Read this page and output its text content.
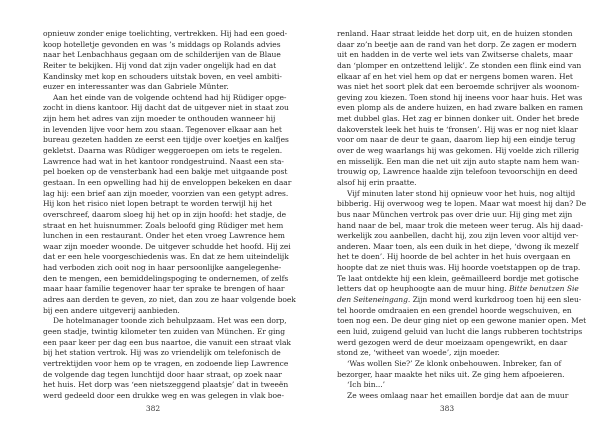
opnieuw zonder enige toelichting, vertrekken. Hij had een goed-
koop hotelletje gevonden en was ’s middags op Rolands advies
naar het Lenbachhaus gegaan om de schilderijen van de Blaue
Reiter te bekijken. Hij vond dat zijn vader ongelijk had en dat
Kandinsky met kop en schouders uitstak boven, en veel ambiti-
euzer en interessanter was dan Gabriele Münter.
Aan het einde van de volgende ochtend had hij Rüdiger opge-
zocht in diens kantoor. Hij dacht dat de uitgever niet in staat zou
zijn hem het adres van zijn moeder te onthouden wanneer hij
in levenden lijve voor hem zou staan. Tegenover elkaar aan het
bureau gezeten hadden ze eerst een tijdje over koetjes en kalfjes
gekletst. Daarna was Rüdiger weggeroepen om iets te regelen.
Lawrence had wat in het kantoor rondgestruind. Naast een sta-
pel boeken op de vensterbank had een bakje met uitgaande post
gestaan. In een opwelling had hij de enveloppen bekeken en daar
lag hij: een brief aan zijn moeder, voorzien van een getypt adres.
Hij kon het risico niet lopen betrapt te worden terwijl hij het
overschreef, daarom sloeg hij het op in zijn hoofd: het stadje, de
straat en het huisnummer. Zoals beloofd ging Rüdiger met hem
lunchen in een restaurant. Onder het eten vroeg Lawrence hem
waar zijn moeder woonde. De uitgever schudde het hoofd. Hij zei
dat er een hele voorgeschiedenis was. En dat ze hem uiteindelijk
had verboden zich ooit nog in haar persoonlijke aangelegenhe-
den te mengen, een bemiddelingspoging te ondernemen, of zelfs
maar haar familie tegenover haar ter sprake te brengen of haar
adres aan derden te geven, zo niet, dan zou ze haar volgende boek
bij een andere uitgeverij aanbieden.
De hotelmanager toonde zich behulpzaam. Het was een dorp,
geen stadje, twintig kilometer ten zuiden van München. Er ging
een paar keer per dag een bus naartoe, die vanuit een straat vlak
bij het station vertrok. Hij was zo vriendelijk om telefonisch de
vertrektijden voor hem op te vragen, en zodoende liep Lawrence
de volgende dag tegen lunchtijd door haar straat, op zoek naar
het huis. Het dorp was ‘een nietszeggend plaatsje’ dat in tweeën
werd gedeeld door een drukke weg en was gelegen in vlak boe-
382
renland. Haar straat leidde het dorp uit, en de huizen stonden
daar zo’n beetje aan de rand van het dorp. Ze zagen er modern
uit en hadden in de verte wel iets van Zwitserse chalets, maar
dan ‘plomper en ontzettend lelijk’. Ze stonden een flink eind van
elkaar af en het viel hem op dat er nergens bomen waren. Het
was niet het soort plek dat een beroemde schrijver als woonom-
geving zou kiezen. Toen stond hij ineens voor haar huis. Het was
even plomp als de andere huizen, en had zware balken en ramen
met dubbel glas. Het zag er binnen donker uit. Onder het brede
dakoverstek leek het huis te ‘fronsen’. Hij was er nog niet klaar
voor om naar de deur te gaan, daarom liep hij een eindje terug
over de weg waarlangs hij was gekomen. Hij voelde zich rillerig
en misselijk. Een man die net uit zijn auto stapte nam hem wan-
trouwig op, Lawrence haalde zijn telefoon tevoorschijn en deed
alsof hij erin praatte.
Vijf minuten later stond hij opnieuw voor het huis, nog altijd
bibberig. Hij overwoog weg te lopen. Maar wat moest hij dan? De
bus naar München vertrok pas over drie uur. Hij ging met zijn
hand naar de bel, maar trok die meteen weer terug. Als hij daad-
werkelijk zou aanbellen, dacht hij, zou zijn leven voor altijd ver-
anderen. Maar toen, als een duik in het diepe, ‘dwong ik mezelf
het te doen’. Hij hoorde de bel achter in het huis overgaan en
hoopte dat ze niet thuis was. Hij hoorde voetstappen op de trap.
Te laat ontdekte hij een klein, geëmailleerd bordje met gotische
letters dat op heuphoogte aan de muur hing. Bitte benutzen Sie
den Seiteneingang. Zijn mond werd kurkdroog toen hij een sleu-
tel hoorde omdraaien en een grendel hoorde wegschuiven, en
toen nog een. De deur ging niet op een gewone manier open. Met
een luid, zuigend geluid van lucht die langs rubberen tochtstrips
werd gezogen werd de deur moeizaam opengewrikt, en daar
stond ze, ‘witheet van woede’, zijn moeder.
‘Was wollen Sie?’ Ze klonk onbehouwen. Inbreker, fan of
bezorger, haar maakte het niks uit. Ze ging hem afpoeieren.
‘Ich bin...’
Ze wees omlaag naar het emaillen bordje dat aan de muur
383
